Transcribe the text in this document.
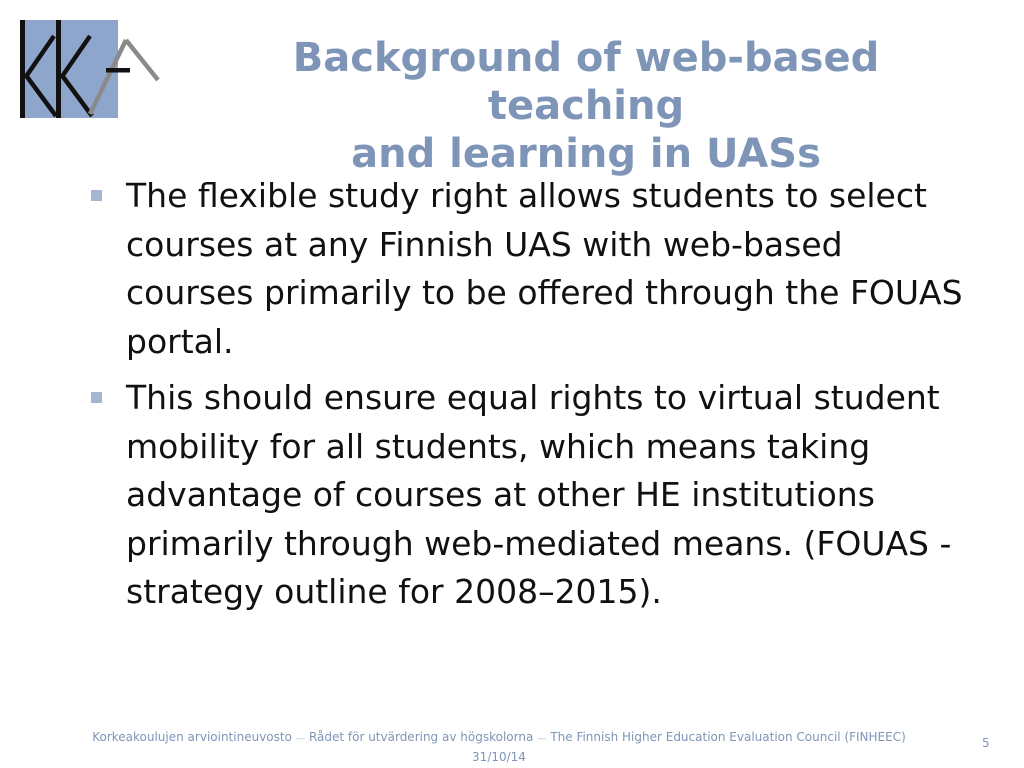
Background of web-based teaching
and learning in UASs
The flexible study right allows students to select courses at any Finnish UAS with web-based courses primarily to be offered through the FOUAS portal.
This should ensure equal rights to virtual student mobility for all students, which means taking advantage of courses at other HE institutions primarily through web-mediated means. (FOUAS - strategy outline for 2008–2015).
Korkeakoulujen arviointineuvosto — Rådet för utvärdering av högskolorna — The Finnish Higher Education Evaluation Council (FINHEEC)
31/10/14
5
